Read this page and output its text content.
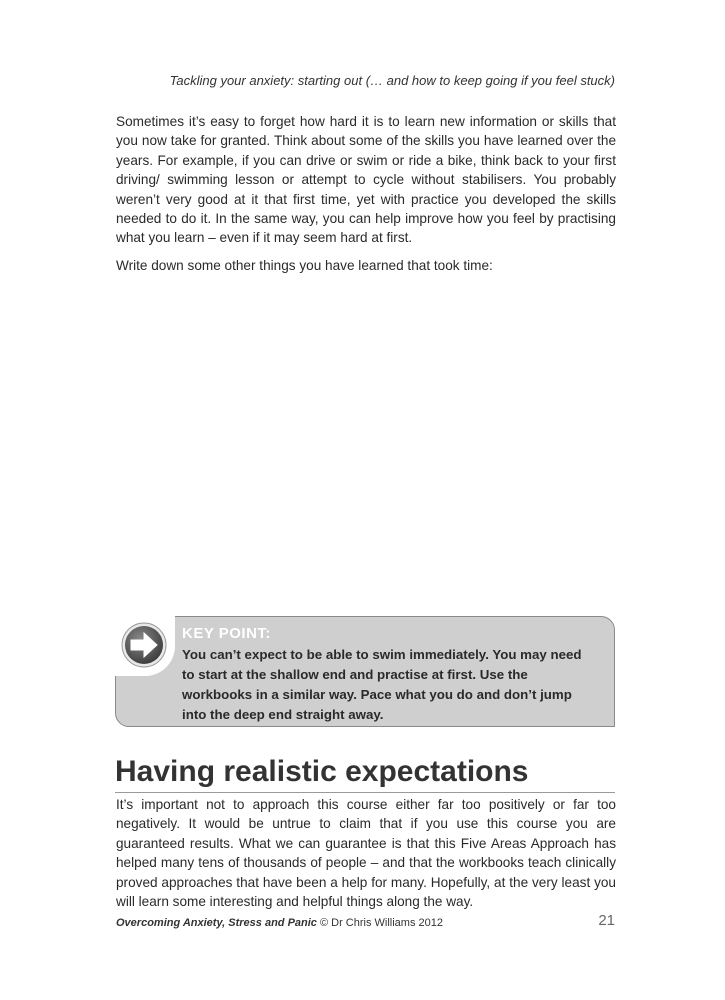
Tackling your anxiety: starting out (… and how to keep going if you feel stuck)
Sometimes it’s easy to forget how hard it is to learn new information or skills that you now take for granted. Think about some of the skills you have learned over the years. For example, if you can drive or swim or ride a bike, think back to your first driving/ swimming lesson or attempt to cycle without stabilisers. You probably weren’t very good at it that first time, yet with practice you developed the skills needed to do it. In the same way, you can help improve how you feel by practising what you learn – even if it may seem hard at first.
Write down some other things you have learned that took time:
KEY POINT:
You can’t expect to be able to swim immediately. You may need to start at the shallow end and practise at first. Use the workbooks in a similar way. Pace what you do and don’t jump into the deep end straight away.
Having realistic expectations
It’s important not to approach this course either far too positively or far too negatively. It would be untrue to claim that if you use this course you are guaranteed results. What we can guarantee is that this Five Areas Approach has helped many tens of thousands of people – and that the workbooks teach clinically proved approaches that have been a help for many. Hopefully, at the very least you will learn some interesting and helpful things along the way.
Overcoming Anxiety, Stress and Panic © Dr Chris Williams 2012	21
